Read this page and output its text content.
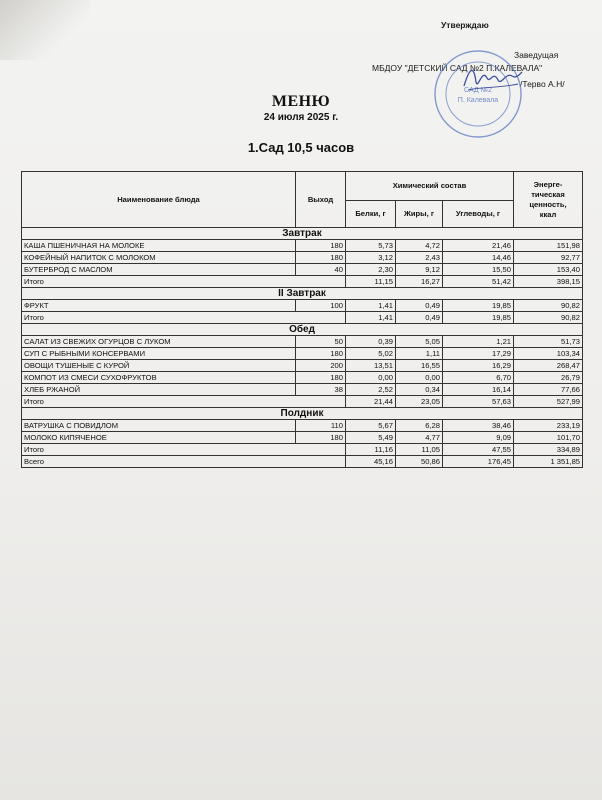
Утверждаю
Заведущая
МБДОУ "ДЕТСКИЙ САД №2 П.КАЛЕВАЛА"
/Терво А.Н/
САД №2
П. Калевала
МЕНЮ
24 июля 2025 г.
1.Сад 10,5 часов
Наименование блюда	Выход	Химический состав			Энерге-
тическая
ценность,
ккал

		Белки, г	Жиры, г	Углеводы, г	
Завтрак					
КАША ПШЕНИЧНАЯ НА МОЛОКЕ	180	5,73	4,72	21,46	151,98
КОФЕЙНЫЙ НАПИТОК С МОЛОКОМ	180	3,12	2,43	14,46	92,77
БУТЕРБРОД С МАСЛОМ	40	2,30	9,12	15,50	153,40
Итого		11,15	16,27	51,42	398,15
II Завтрак					
ФРУКТ	100	1,41	0,49	19,85	90,82
Итого		1,41	0,49	19,85	90,82
Обед					
САЛАТ ИЗ СВЕЖИХ ОГУРЦОВ С ЛУКОМ	50	0,39	5,05	1,21	51,73
СУП С РЫБНЫМИ КОНСЕРВАМИ	180	5,02	1,11	17,29	103,34
ОВОЩИ ТУШЕНЫЕ С КУРОЙ	200	13,51	16,55	16,29	268,47
КОМПОТ ИЗ СМЕСИ СУХОФРУКТОВ	180	0,00	0,00	6,70	26,79
ХЛЕБ РЖАНОЙ	38	2,52	0,34	16,14	77,66
Итого		21,44	23,05	57,63	527,99
Полдник					
ВАТРУШКА С ПОВИДЛОМ	110	5,67	6,28	38,46	233,19
МОЛОКО КИПЯЧЕНОЕ	180	5,49	4,77	9,09	101,70
Итого		11,16	11,05	47,55	334,89
Всего		45,16	50,86	176,45	1 351,85
